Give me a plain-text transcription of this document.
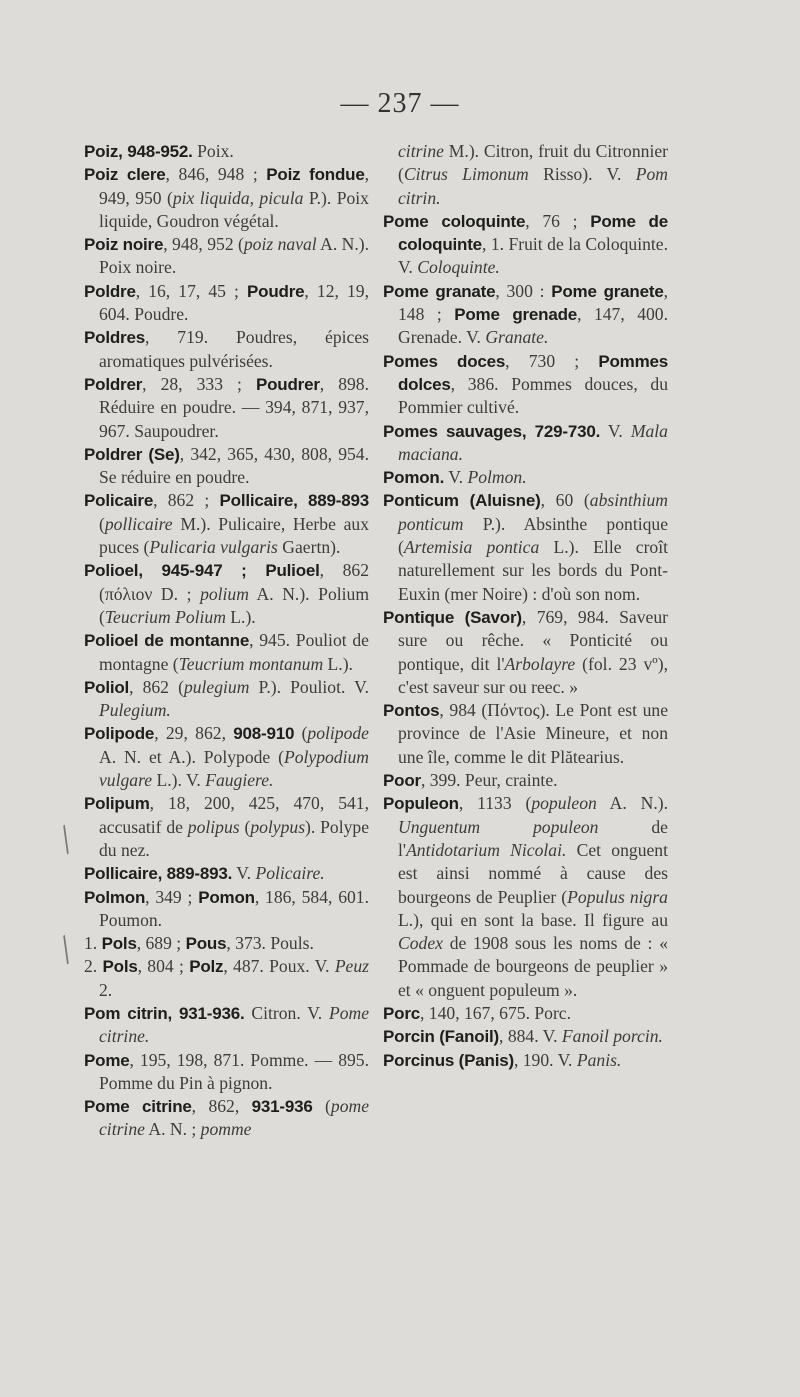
— 237 —

Poiz, 948-952. Poix.

Poiz clere, 846, 948 ; Poiz fondue, 949, 950 (pix liquida, picula P.). Poix liquide, Goudron végétal.

Poiz noire, 948, 952 (poiz naval A. N.). Poix noire.

Poldre, 16, 17, 45 ; Poudre, 12, 19, 604. Poudre.

Poldres, 719. Poudres, épices aromatiques pulvérisées.

Poldrer, 28, 333 ; Poudrer, 898. Réduire en poudre. — 394, 871, 937, 967. Saupoudrer.

Poldrer (Se), 342, 365, 430, 808, 954. Se réduire en poudre.

Policaire, 862 ; Pollicaire, 889-893 (pollicaire M.). Pulicaire, Herbe aux puces (Pulicaria vulgaris Gaertn).

Polioel, 945-947 ; Pulioel, 862 (πόλιον D. ; polium A. N.). Polium (Teucrium Polium L.).

Polioel de montanne, 945. Pouliot de montagne (Teucrium montanum L.).

Poliol, 862 (pulegium P.). Pouliot. V. Pulegium.

Polipode, 29, 862, 908-910 (polipode A. N. et A.). Polypode (Polypodium vulgare L.). V. Faugiere.

Polipum, 18, 200, 425, 470, 541, accusatif de polipus (polypus). Polype du nez.

Pollicaire, 889-893. V. Policaire.

Polmon, 349 ; Pomon, 186, 584, 601. Poumon.

1. Pols, 689 ; Pous, 373. Pouls.

2. Pols, 804 ; Polz, 487. Poux. V. Peuz 2.

Pom citrin, 931-936. Citron. V. Pome citrine.

Pome, 195, 198, 871. Pomme. — 895. Pomme du Pin à pignon.

Pome citrine, 862, 931-936 (pome citrine A. N. ; pomme

citrine M.). Citron, fruit du Citronnier (Citrus Limonum Risso). V. Pom citrin.

Pome coloquinte, 76 ; Pome de coloquinte, 1. Fruit de la Coloquinte. V. Coloquinte.

Pome granate, 300 : Pome granete, 148 ; Pome grenade, 147, 400. Grenade. V. Granate.

Pomes doces, 730 ; Pommes dolces, 386. Pommes douces, du Pommier cultivé.

Pomes sauvages, 729-730. V. Mala maciana.

Pomon. V. Polmon.

Ponticum (Aluisne), 60 (absinthium ponticum P.). Absinthe pontique (Artemisia pontica L.). Elle croît naturellement sur les bords du Pont-Euxin (mer Noire) : d'où son nom.

Pontique (Savor), 769, 984. Saveur sure ou rêche. « Ponticité ou pontique, dit l'Arbolayre (fol. 23 vº), c'est saveur sur ou reec. »

Pontos, 984 (Πόντος). Le Pont est une province de l'Asie Mineure, et non une île, comme le dit Plătearius.

Poor, 399. Peur, crainte.

Populeon, 1133 (populeon A. N.). Unguentum populeon de l'Antidotarium Nicolai. Cet onguent est ainsi nommé à cause des bourgeons de Peuplier (Populus nigra L.), qui en sont la base. Il figure au Codex de 1908 sous les noms de : « Pommade de bourgeons de peuplier » et « onguent populeum ».

Porc, 140, 167, 675. Porc.

Porcin (Fanoil), 884. V. Fanoil porcin.

Porcinus (Panis), 190. V. Panis.

╱
╱
